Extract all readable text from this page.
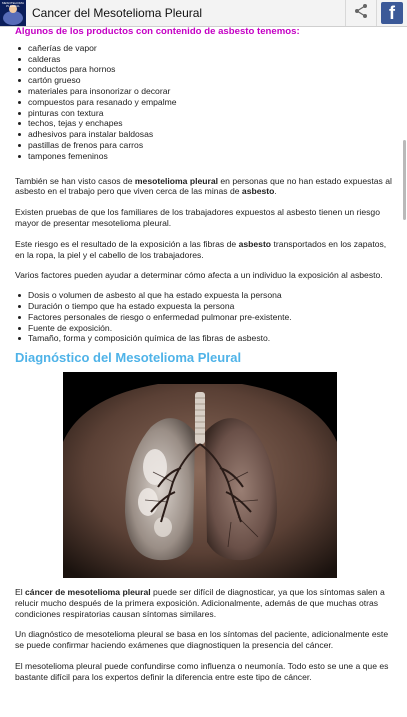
MESOTELIOMA
PLEURAL Cancer del Mesotelioma Pleural	f
Algunos de los productos con contenido de asbesto tenemos:
cañerías de vapor
calderas
conductos para hornos
cartón grueso
materiales para insonorizar o decorar
compuestos para resanado y empalme
pinturas con textura
techos, tejas y enchapes
adhesivos para instalar baldosas
pastillas de frenos para carros
tampones femeninos

También se han visto casos de mesotelioma pleural en personas que no han estado expuestas al asbesto en el trabajo pero que viven cerca de las minas de asbesto.

Existen pruebas de que los familiares de los trabajadores expuestos al asbesto tienen un riesgo mayor de presentar mesotelioma pleural.

Este riesgo es el resultado de la exposición a las fibras de asbesto transportados en los zapatos, en la ropa, la piel y el cabello de los trabajadores.

Varios factores pueden ayudar a determinar cómo afecta a un individuo la exposición al asbesto.

Dosis o volumen de asbesto al que ha estado expuesta la persona
Duración o tiempo que ha estado expuesta la persona
Factores personales de riesgo o enfermedad pulmonar pre-existente.
Fuente de exposición.
Tamaño, forma y composición química de las fibras de asbesto.
Diagnóstico del Mesotelioma Pleural

El cáncer de mesotelioma pleural puede ser difícil de diagnosticar, ya que los síntomas salen a relucir mucho después de la primera exposición. Adicionalmente, además de que muchas otras condiciones respiratorias causan síntomas similares.

Un diagnóstico de mesotelioma pleural se basa en los síntomas del paciente, adicionalmente este se puede confirmar haciendo exámenes que diagnostiquen la presencia del cáncer.

El mesotelioma pleural puede confundirse como influenza o neumonía. Todo esto se une a que es bastante difícil para los expertos definir la diferencia entre este tipo de cáncer.
